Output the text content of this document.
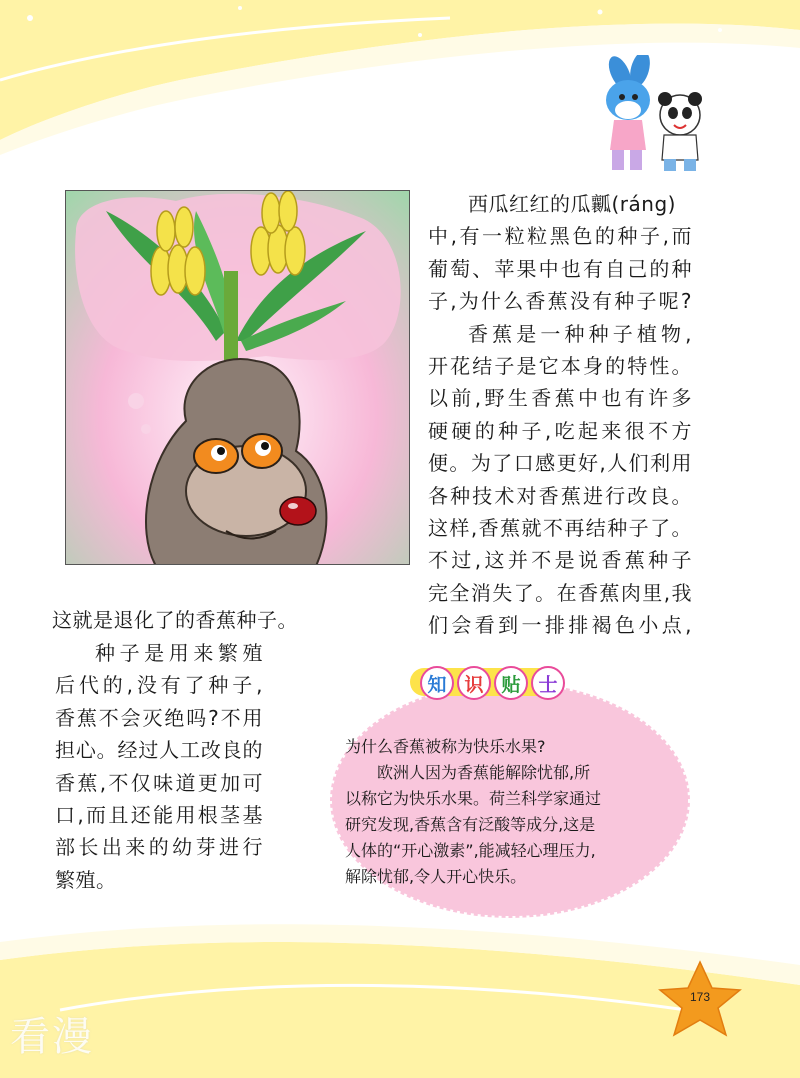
西瓜红红的瓜瓤(ráng)
中,有一粒粒黑色的种子,而
葡萄、苹果中也有自己的种
子,为什么香蕉没有种子呢?
香蕉是一种种子植物,
开花结子是它本身的特性。
以前,野生香蕉中也有许多
硬硬的种子,吃起来很不方
便。为了口感更好,人们利用
各种技术对香蕉进行改良。
这样,香蕉就不再结种子了。
不过,这并不是说香蕉种子
完全消失了。在香蕉肉里,我
们会看到一排排褐色小点,
这就是退化了的香蕉种子。
种子是用来繁殖
后代的,没有了种子,
香蕉不会灭绝吗?不用
担心。经过人工改良的
香蕉,不仅味道更加可
口,而且还能用根茎基
部长出来的幼芽进行
繁殖。
知 识 贴 士
为什么香蕉被称为快乐水果?
欧洲人因为香蕉能解除忧郁,所
以称它为快乐水果。荷兰科学家通过
研究发现,香蕉含有泛酸等成分,这是
人体的“开心激素”,能减轻心理压力,
解除忧郁,令人开心快乐。
173
看漫
